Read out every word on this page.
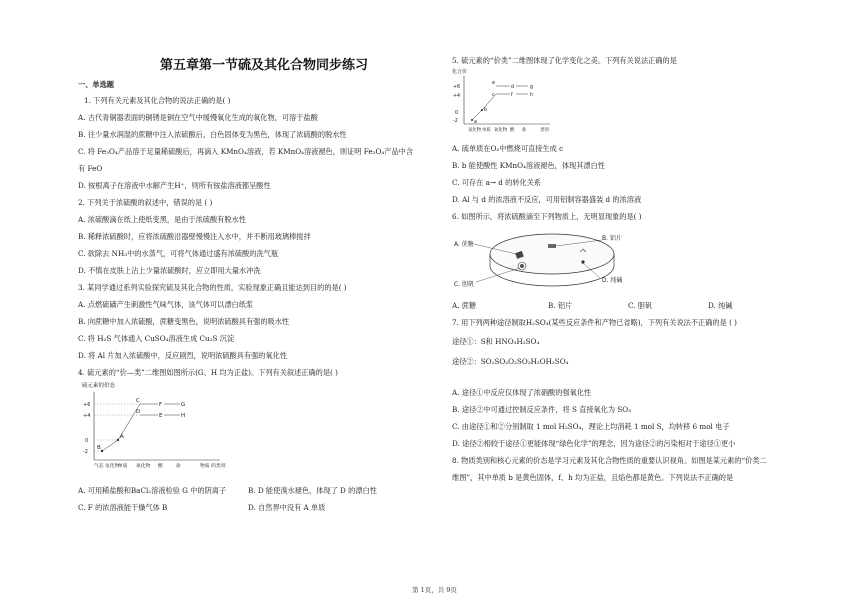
第五章第一节硫及其化合物同步练习
一、单选题
1. 下列有关元素及其化合物的说法正确的是( )
A. 古代青铜器表面的铜锈是铜在空气中缓慢氧化生成的氧化物，可溶于盐酸
B. 往少量水润湿的蔗糖中注入浓硫酸后，白色固体变为黑色，体现了浓硫酸的脱水性
C. 将 Fe₃O₄产品溶于足量稀硫酸后，再滴入 KMnO₄溶液，若 KMnO₄溶液褪色，则证明 Fe₃O₄产品中含
有 FeO
D. 铵根离子在溶液中水解产生H⁺，则所有铵盐溶液都呈酸性
2. 下列关于浓硫酸的叙述中，错误的是 ( )
A. 浓硫酸滴在纸上使纸变黑，是由于浓硫酸有脱水性
B. 稀释浓硫酸时，应将浓硫酸沿器壁慢慢注入水中，并不断用玻璃棒搅拌
C. 欲除去 NH₃中的水蒸气，可将气体通过盛有浓硫酸的洗气瓶
D. 不慎在皮肤上沾上少量浓硫酸时，应立即用大量水冲洗
3. 某同学通过系列实验探究硫及其化合物的性质，实验现象正确且能达到目的的是( )
A. 点燃硫磺产生刺激性气味气体，该气体可以漂白纸浆
B. 向蔗糖中加入浓硫酸，蔗糖变黑色，说明浓硫酸具有强的吸水性
C. 将 H₂S 气体通入 CuSO₄溶液生成 Cu₂S 沉淀
D. 将 Al 片加入浓硫酸中，反应剧烈，说明浓硫酸具有强的氧化性
4. 硫元素的“价—类”二维图如图所示(G、H 均为正盐)。下列有关叙述正确的是( )
硫元素的价态
+6
+4
0
-2
B
A
C
D
F
E
G
H
气态 氢化物
单质 氧化物 酸	盐	物质 的类别
A. 可用稀盐酸和BaCl₂溶液检验 G 中的阴离子	B. D 能使溴水褪色，体现了 D 的漂白性
C. F 的浓溶液能干燥气体 B	D. 自然界中没有 A 单质
5. 硫元素的“价类”二维图体现了化学变化之美。下列有关说法正确的是
化合价
+6
+4
0
-2	a
b
e
c
d
f
g
h
氢化物 单质 氧化物 酸 盐	类别
A. 硫单质在O₂中燃烧可直接生成 c
B. b 能使酸性 KMnO₄溶液褪色，体现其漂白性
C. 可存在 a→ d 的转化关系
D. Al 与 d 的浓溶液不反应，可用铝制容器盛装 d 的浓溶液
6. 如图所示，将浓硫酸滴至下列物质上，无明显现象的是( )
A. 蔗糖
B. 铝片
C. 胆矾
D. 纯碱
A. 蔗糖	B. 铝片	C. 胆矾	D. 纯碱
7. 用下列两种途径制取H₂SO₄(某些反应条件和产物已省略)，下列有关说法不正确的是 ( )
途径①：S和 HNO₃H₂SO₄
途径②：SO₂SO₂O₂SO₃H₂OH₂SO₄
A. 途径①中反应仅体现了浓硝酸的强氧化性
B. 途径②中可通过控制反应条件，将 S 直接氧化为 SO₃
C. 由途径①和②分别制取 1 mol H₂SO₄，理论上均消耗 1 mol S，均转移 6 mol 电子
D. 途径②相较于途径①更能体现“绿色化学”的理念，因为途径②的污染相对于途径①更小
8. 物质类别和核心元素的价态是学习元素及其化合物性质的重要认识视角。如图是某元素的“价类二
维图”，其中单质 b 是黄色固体，f、h 均为正盐，且焰色都是黄色。下列说法不正确的是
第 1页，共 9页
